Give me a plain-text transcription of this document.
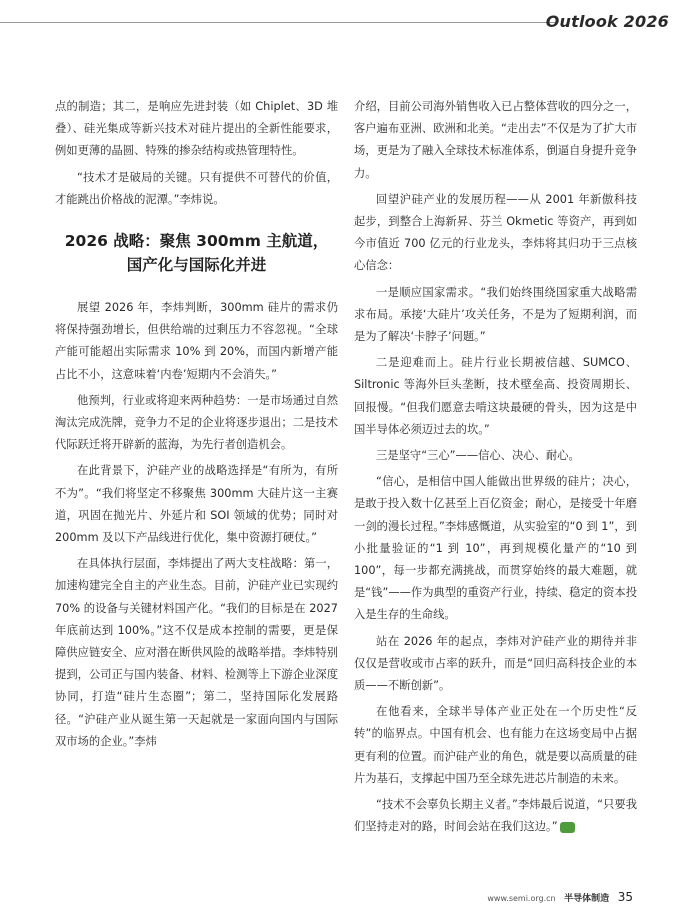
Outlook 2026

点的制造；其二，是响应先进封装（如 Chiplet、3D 堆叠）、硅光集成等新兴技术对硅片提出的全新性能要求，例如更薄的晶圆、特殊的掺杂结构或热管理特性。

“技术才是破局的关键。只有提供不可替代的价值，才能跳出价格战的泥潭。”李炜说。

2026 战略：聚焦 300mm 主航道，
国产化与国际化并进

展望 2026 年，李炜判断，300mm 硅片的需求仍将保持强劲增长，但供给端的过剩压力不容忽视。“全球产能可能超出实际需求 10% 到 20%，而国内新增产能占比不小，这意味着‘内卷’短期内不会消失。”

他预判，行业或将迎来两种趋势：一是市场通过自然淘汰完成洗牌，竞争力不足的企业将逐步退出；二是技术代际跃迁将开辟新的蓝海，为先行者创造机会。

在此背景下，沪硅产业的战略选择是“有所为，有所不为”。“我们将坚定不移聚焦 300mm 大硅片这一主赛道，巩固在抛光片、外延片和 SOI 领域的优势；同时对 200mm 及以下产品线进行优化，集中资源打硬仗。”

在具体执行层面，李炜提出了两大支柱战略：第一，加速构建完全自主的产业生态。目前，沪硅产业已实现约 70% 的设备与关键材料国产化。“我们的目标是在 2027 年底前达到 100%。”这不仅是成本控制的需要，更是保障供应链安全、应对潜在断供风险的战略举措。李炜特别提到，公司正与国内装备、材料、检测等上下游企业深度协同，打造“硅片生态圈”；第二，坚持国际化发展路径。“沪硅产业从诞生第一天起就是一家面向国内与国际双市场的企业。”李炜

介绍，目前公司海外销售收入已占整体营收的四分之一，客户遍布亚洲、欧洲和北美。“走出去”不仅是为了扩大市场，更是为了融入全球技术标准体系，倒逼自身提升竞争力。

回望沪硅产业的发展历程——从 2001 年新傲科技起步，到整合上海新昇、芬兰 Okmetic 等资产，再到如今市值近 700 亿元的行业龙头，李炜将其归功于三点核心信念：

一是顺应国家需求。“我们始终围绕国家重大战略需求布局。承接‘大硅片’攻关任务，不是为了短期利润，而是为了解决‘卡脖子’问题。”

二是迎难而上。硅片行业长期被信越、SUMCO、Siltronic 等海外巨头垄断，技术壁垒高、投资周期长、回报慢。“但我们愿意去啃这块最硬的骨头，因为这是中国半导体必须迈过去的坎。”

三是坚守“三心”——信心、决心、耐心。

“信心，是相信中国人能做出世界级的硅片；决心，是敢于投入数十亿甚至上百亿资金；耐心，是接受十年磨一剑的漫长过程。”李炜感慨道，从实验室的“0 到 1”，到小批量验证的“1 到 10”，再到规模化量产的“10 到 100”，每一步都充满挑战，而贯穿始终的最大难题，就是“钱”——作为典型的重资产行业，持续、稳定的资本投入是生存的生命线。

站在 2026 年的起点，李炜对沪硅产业的期待并非仅仅是营收或市占率的跃升，而是“回归高科技企业的本质——不断创新”。

在他看来，全球半导体产业正处在一个历史性“反转”的临界点。中国有机会、也有能力在这场变局中占据更有利的位置。而沪硅产业的角色，就是要以高质量的硅片为基石，支撑起中国乃至全球先进芯片制造的未来。

“技术不会辜负长期主义者。”李炜最后说道，“只要我们坚持走对的路，时间会站在我们这边。”	SM

www.semi.org.cn 半导体制造 35
